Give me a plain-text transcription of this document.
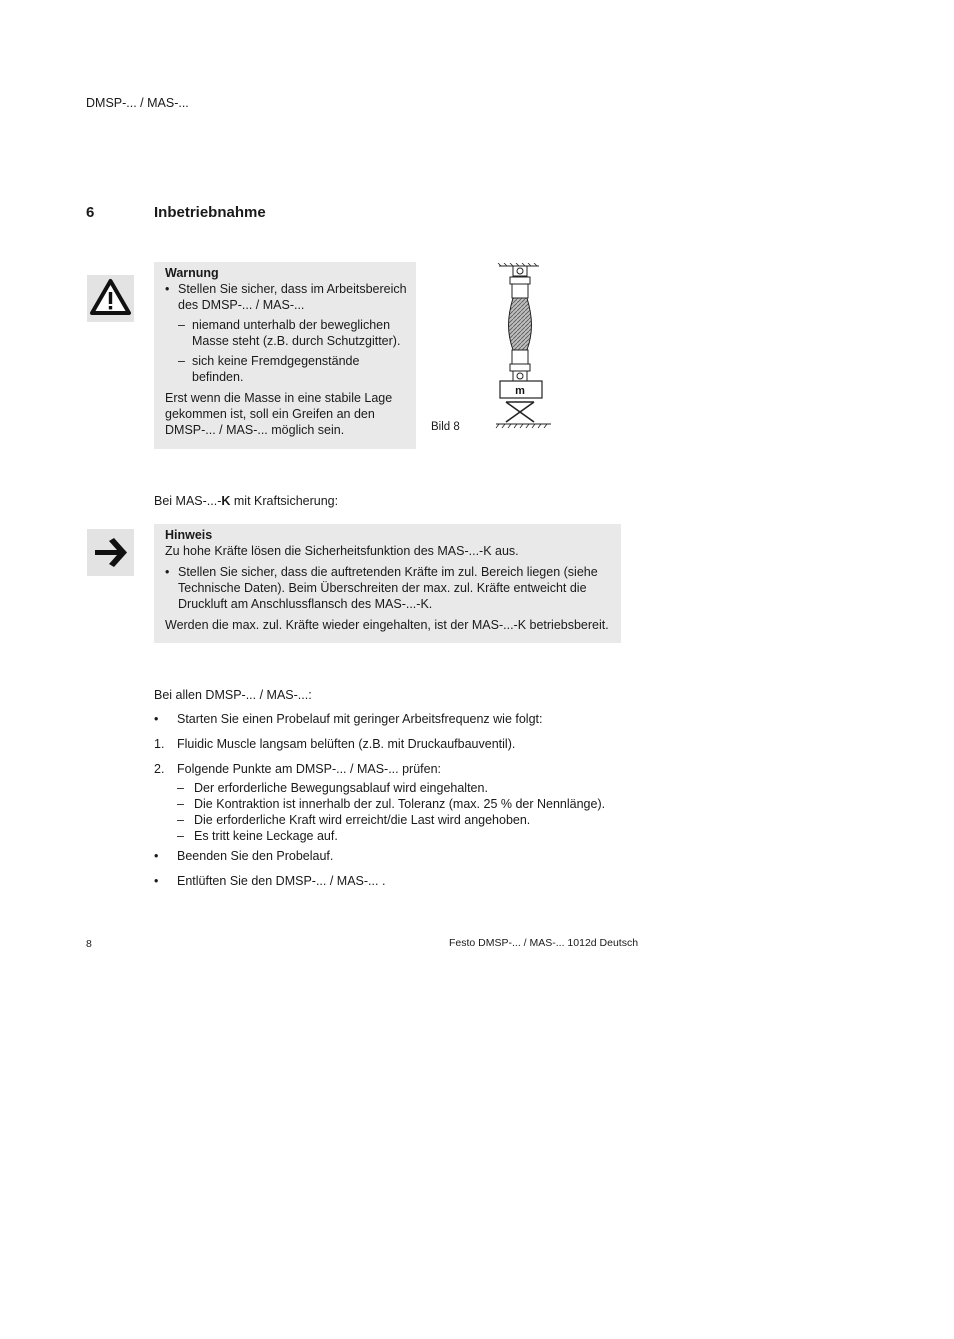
DMSP-... / MAS-...
6	Inbetriebnahme
Warnung
• Stellen Sie sicher, dass im Arbeitsbereich des DMSP-... / MAS-...
– niemand unterhalb der beweglichen Masse steht (z.B. durch Schutzgitter).
– sich keine Fremdgegenstände befinden.
Erst wenn die Masse in eine stabile Lage gekommen ist, soll ein Greifen an den DMSP-... / MAS-... möglich sein.
m
Bild 8
Bei MAS-...-K mit Kraftsicherung:
Hinweis
Zu hohe Kräfte lösen die Sicherheitsfunktion des MAS-...-K aus.
• Stellen Sie sicher, dass die auftretenden Kräfte im zul. Bereich liegen (siehe Technische Daten). Beim Überschreiten der max. zul. Kräfte entweicht die Druckluft am Anschlussflansch des MAS-...-K.
Werden die max. zul. Kräfte wieder eingehalten, ist der MAS-...-K betriebsbereit.
Bei allen DMSP-... / MAS-...:
• Starten Sie einen Probelauf mit geringer Arbeitsfrequenz wie folgt:
1. Fluidic Muscle langsam belüften (z.B. mit Druckaufbauventil).
2. Folgende Punkte am DMSP-... / MAS-... prüfen:
– Der erforderliche Bewegungsablauf wird eingehalten.
– Die Kontraktion ist innerhalb der zul. Toleranz (max. 25 % der Nennlänge).
– Die erforderliche Kraft wird erreicht/die Last wird angehoben.
– Es tritt keine Leckage auf.
• Beenden Sie den Probelauf.
• Entlüften Sie den DMSP-... / MAS-... .
8	Festo DMSP-... / MAS-... 1012d Deutsch
